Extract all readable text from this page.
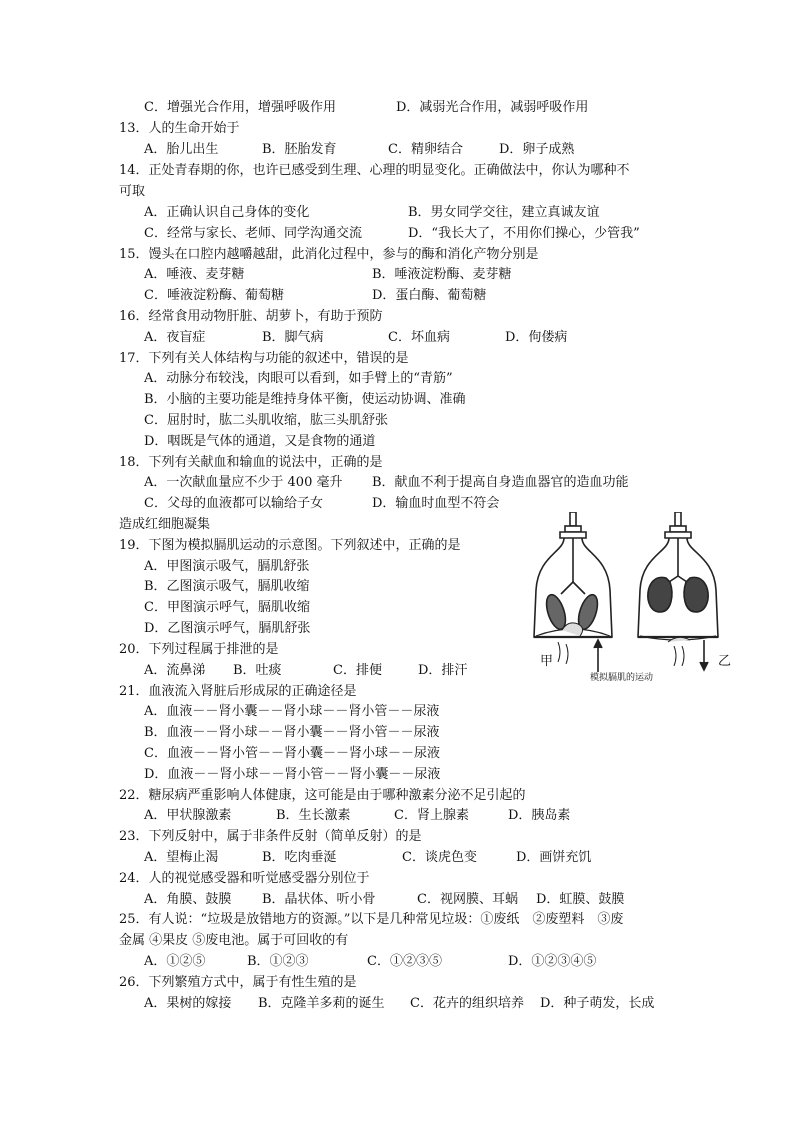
C．增强光合作用，增强呼吸作用	D．减弱光合作用，减弱呼吸作用
13．人的生命开始于
A．胎儿出生	B．胚胎发育	C．精卵结合	D．卵子成熟
14．正处青春期的你，也许已感受到生理、心理的明显变化。正确做法中，你认为哪种不
可取
A．正确认识自己身体的变化	B．男女同学交往，建立真诚友谊
C．经常与家长、老师、同学沟通交流	D．“我长大了，不用你们操心，少管我”
15．馒头在口腔内越嚼越甜，此消化过程中，参与的酶和消化产物分别是
A．唾液、麦芽糖	B．唾液淀粉酶、麦芽糖
C．唾液淀粉酶、葡萄糖	D．蛋白酶、葡萄糖
16．经常食用动物肝脏、胡萝卜，有助于预防
A．夜盲症	B．脚气病	C．坏血病	D．佝偻病
17．下列有关人体结构与功能的叙述中，错误的是
A．动脉分布较浅，肉眼可以看到，如手臂上的“青筋”
B．小脑的主要功能是维持身体平衡，使运动协调、准确
C．屈肘时，肱二头肌收缩，肱三头肌舒张
D．咽既是气体的通道，又是食物的通道
18．下列有关献血和输血的说法中，正确的是
A．一次献血量应不少于 400 毫升 B．献血不利于提高自身造血器官的造血功能
C．父母的血液都可以输给子女	D．输血时血型不符会
造成红细胞凝集
19．下图为模拟膈肌运动的示意图。下列叙述中，正确的是
A．甲图演示吸气，膈肌舒张
B．乙图演示吸气，膈肌收缩
C．甲图演示呼气，膈肌收缩
D．乙图演示呼气，膈肌舒张
甲	乙
模拟膈肌的运动
20．下列过程属于排泄的是
A．流鼻涕 B．吐痰	C．排便	D．排汗
21．血液流入肾脏后形成尿的正确途径是
A．血液－－肾小囊－－肾小球－－肾小管－－尿液
B．血液－－肾小球－－肾小囊－－肾小管－－尿液
C．血液－－肾小管－－肾小囊－－肾小球－－尿液
D．血液－－肾小球－－肾小管－－肾小囊－－尿液
22．糖尿病严重影响人体健康，这可能是由于哪种激素分泌不足引起的
A．甲状腺激素	B．生长激素	C．肾上腺素	D．胰岛素
23．下列反射中，属于非条件反射（简单反射）的是
A．望梅止渴	B．吃肉垂涎	C．谈虎色变	D．画饼充饥
24．人的视觉感受器和听觉感受器分别位于
A．角膜、鼓膜 B．晶状体、听小骨	C．视网膜、耳蜗 D．虹膜、鼓膜
25．有人说：“垃圾是放错地方的资源。”以下是几种常见垃圾：①废纸　②废塑料　③废
金属 ④果皮 ⑤废电池。属于可回收的有
A．①②⑤	B．①②③	C．①②③⑤	D．①②③④⑤
26．下列繁殖方式中，属于有性生殖的是
A．果树的嫁接 B．克隆羊多莉的诞生 C．花卉的组织培养 D．种子萌发，长成
